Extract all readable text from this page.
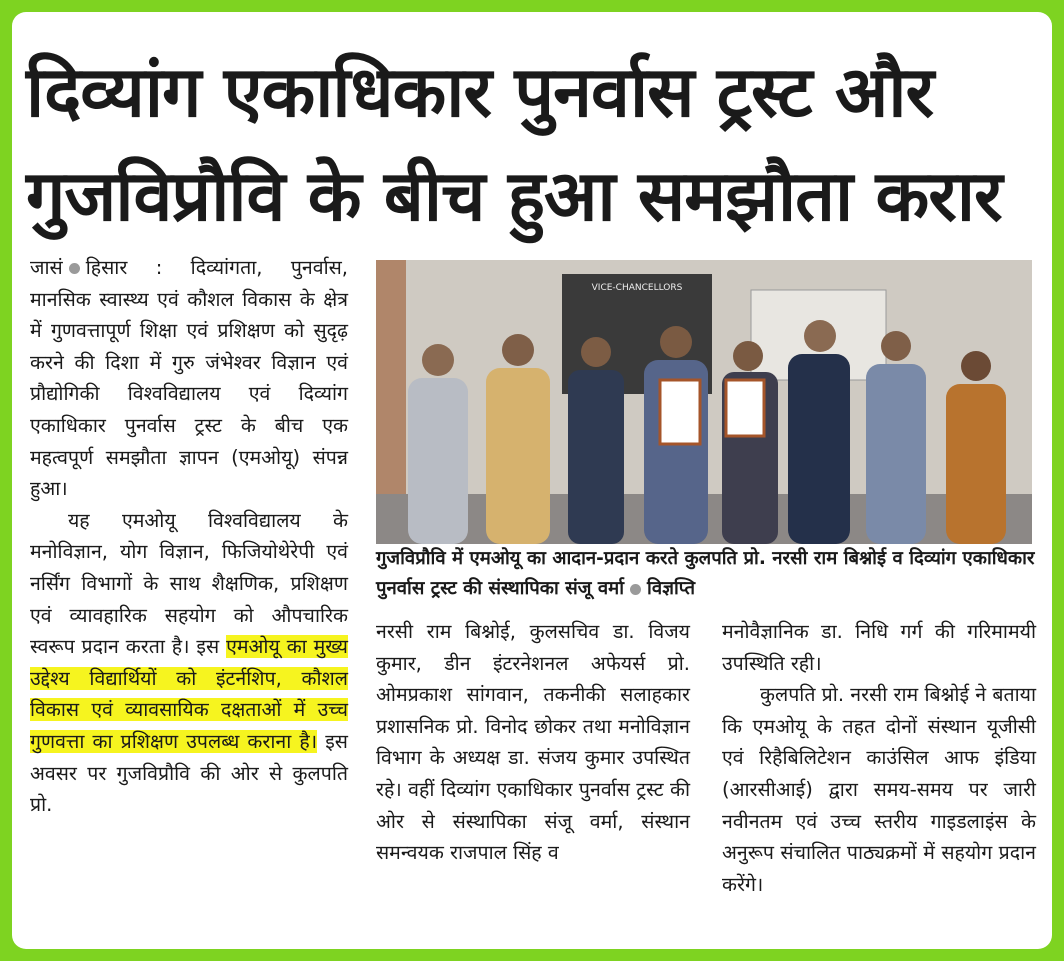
दिव्यांग एकाधिकार पुनर्वास ट्रस्ट और
गुजविप्रौवि के बीच हुआ समझौता करार

जासं हिसार : दिव्यांगता, पुनर्वास, मानसिक स्वास्थ्य एवं कौशल विकास के क्षेत्र में गुणवत्तापूर्ण शिक्षा एवं प्रशिक्षण को सुदृढ़ करने की दिशा में गुरु जंभेश्वर विज्ञान एवं प्रौद्योगिकी विश्वविद्यालय एवं दिव्यांग एकाधिकार पुनर्वास ट्रस्ट के बीच एक महत्वपूर्ण समझौता ज्ञापन (एमओयू) संपन्न हुआ।

यह एमओयू विश्वविद्यालय के मनोविज्ञान, योग विज्ञान, फिजियोथेरेपी एवं नर्सिंग विभागों के साथ शैक्षणिक, प्रशिक्षण एवं व्यावहारिक सहयोग को औपचारिक स्वरूप प्रदान करता है। इस एमओयू का मुख्य उद्देश्य विद्यार्थियों को इंटर्नशिप, कौशल विकास एवं व्यावसायिक दक्षताओं में उच्च गुणवत्ता का प्रशिक्षण उपलब्ध कराना है। इस अवसर पर गुजविप्रौवि की ओर से कुलपति प्रो.

VICE-CHANCELLORS
गुजविप्रौवि में एमओयू का आदान-प्रदान करते कुलपति प्रो. नरसी राम बिश्नोई व दिव्यांग एकाधिकार पुनर्वास ट्रस्ट की संस्थापिका संजू वर्मा विज्ञप्ति

नरसी राम बिश्नोई, कुलसचिव डा. विजय कुमार, डीन इंटरनेशनल अफेयर्स प्रो. ओमप्रकाश सांगवान, तकनीकी सलाहकार प्रशासनिक प्रो. विनोद छोकर तथा मनोविज्ञान विभाग के अध्यक्ष डा. संजय कुमार उपस्थित रहे। वहीं दिव्यांग एकाधिकार पुनर्वास ट्रस्ट की ओर से संस्थापिका संजू वर्मा, संस्थान समन्वयक राजपाल सिंह व

मनोवैज्ञानिक डा. निधि गर्ग की गरिमामयी उपस्थिति रही।

कुलपति प्रो. नरसी राम बिश्नोई ने बताया कि एमओयू के तहत दोनों संस्थान यूजीसी एवं रिहैबिलिटेशन काउंसिल आफ इंडिया (आरसीआई) द्वारा समय-समय पर जारी नवीनतम एवं उच्च स्तरीय गाइडलाइंस के अनुरूप संचालित पाठ्यक्रमों में सहयोग प्रदान करेंगे।
